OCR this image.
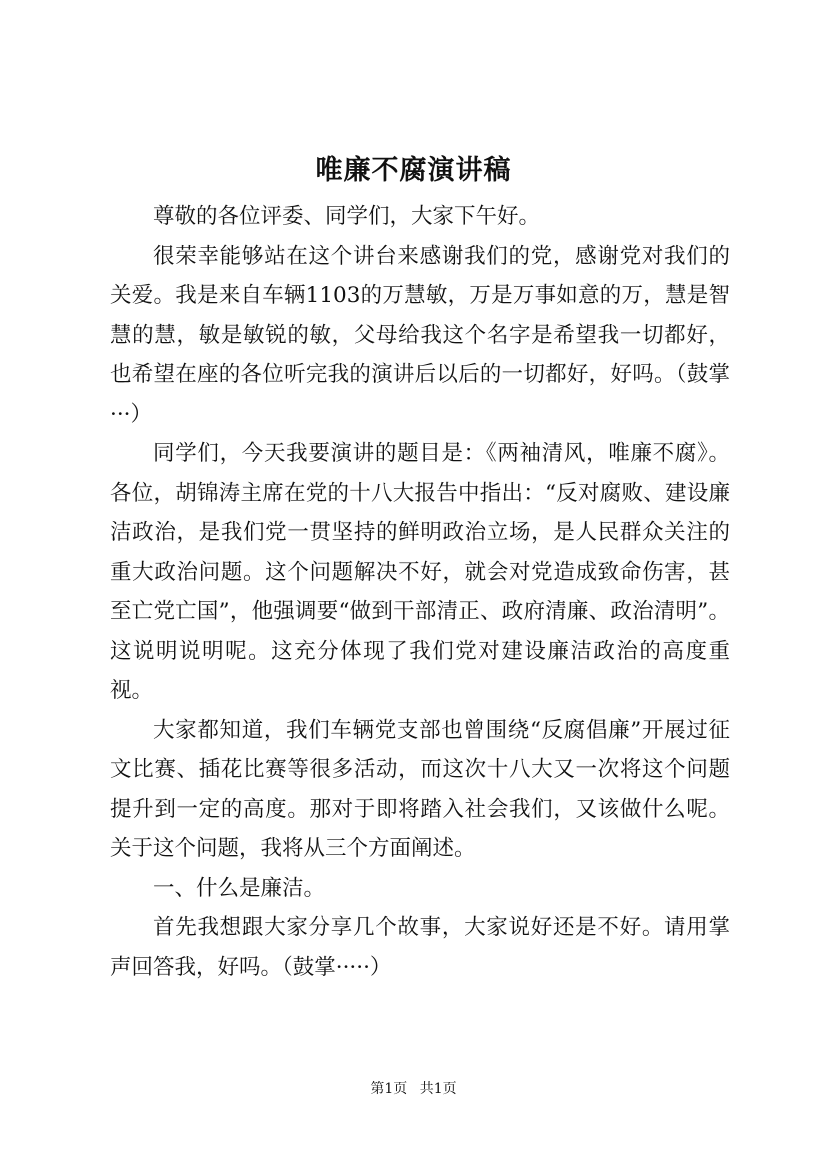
唯廉不腐演讲稿

尊敬的各位评委、同学们，大家下午好。

很荣幸能够站在这个讲台来感谢我们的党，感谢党对我们的关爱。我是来自车辆1103的万慧敏，万是万事如意的万，慧是智慧的慧，敏是敏锐的敏，父母给我这个名字是希望我一切都好，也希望在座的各位听完我的演讲后以后的一切都好，好吗。（鼓掌···）

同学们，今天我要演讲的题目是：《两袖清风，唯廉不腐》。各位，胡锦涛主席在党的十八大报告中指出：“反对腐败、建设廉洁政治，是我们党一贯坚持的鲜明政治立场，是人民群众关注的重大政治问题。这个问题解决不好，就会对党造成致命伤害，甚至亡党亡国”，他强调要“做到干部清正、政府清廉、政治清明”。这说明说明呢。这充分体现了我们党对建设廉洁政治的高度重视。

大家都知道，我们车辆党支部也曾围绕“反腐倡廉”开展过征文比赛、插花比赛等很多活动，而这次十八大又一次将这个问题提升到一定的高度。那对于即将踏入社会我们，又该做什么呢。关于这个问题，我将从三个方面阐述。

一、什么是廉洁。

首先我想跟大家分享几个故事，大家说好还是不好。请用掌声回答我，好吗。（鼓掌·····）

第1页 共1页
